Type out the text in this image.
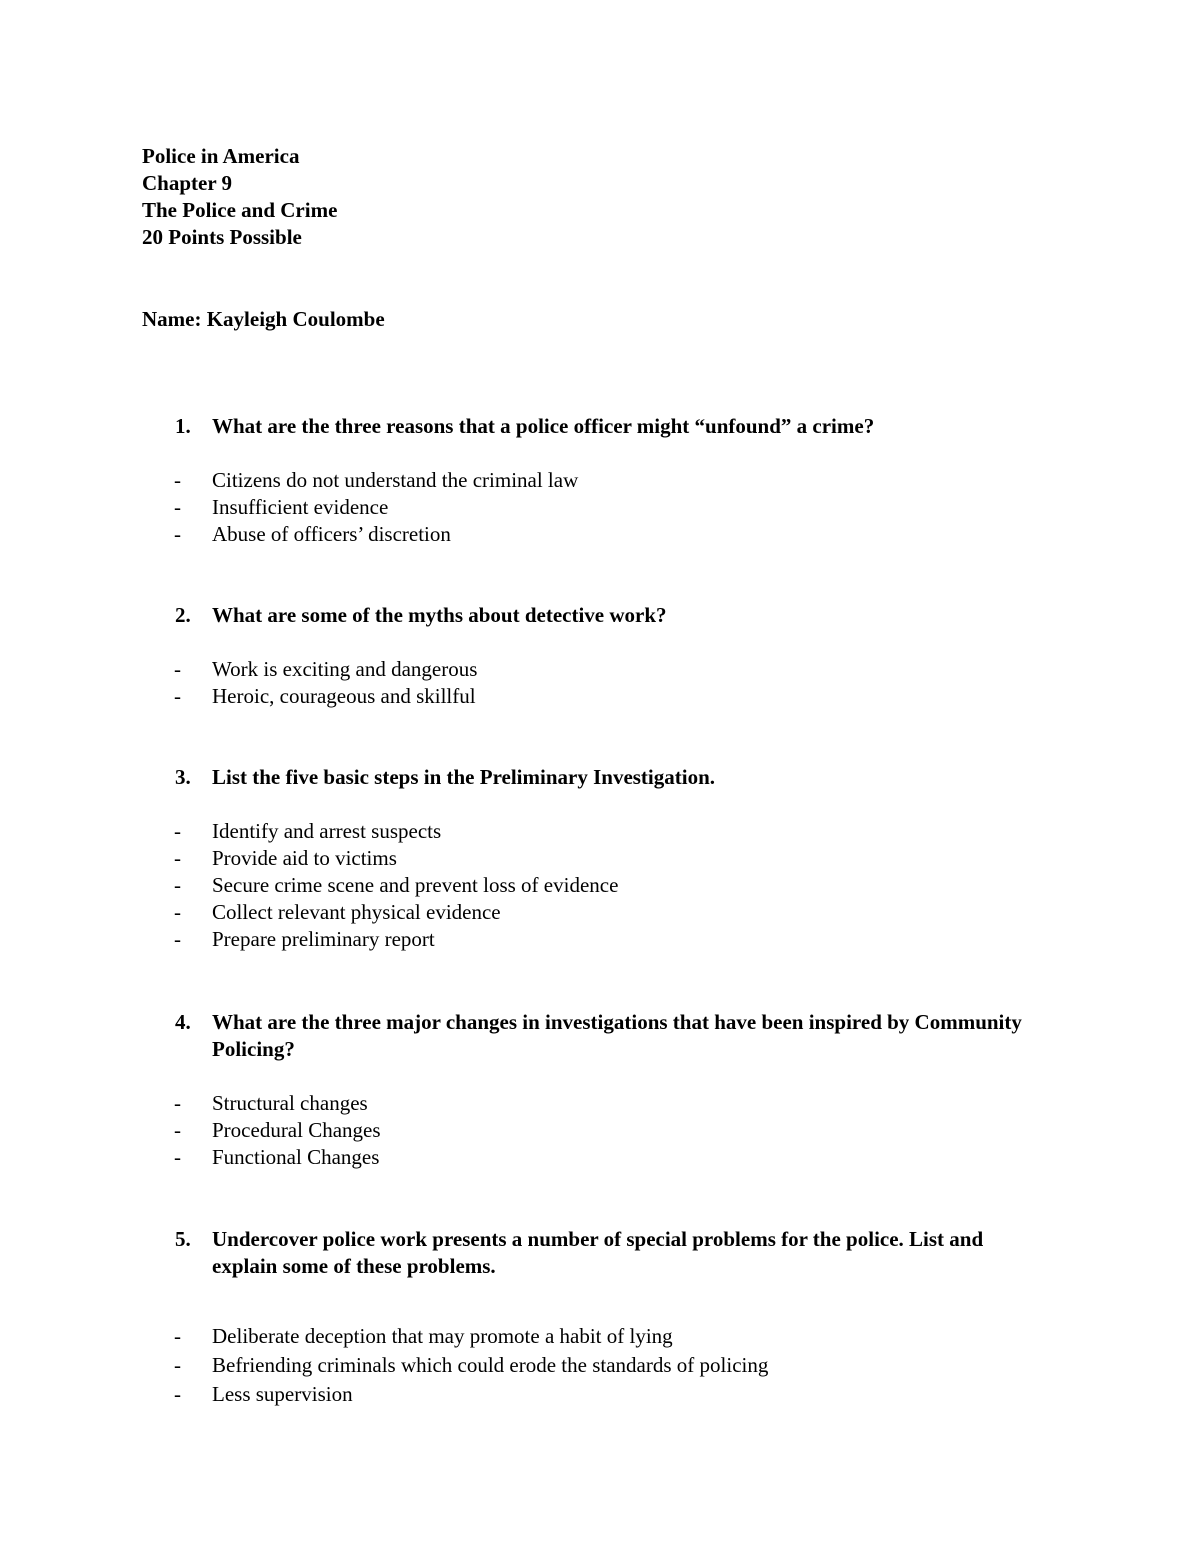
Police in America
Chapter 9
The Police and Crime
20 Points Possible
Name: Kayleigh Coulombe
1.	What are the three reasons that a police officer might “unfound” a crime?
-	Citizens do not understand the criminal law
-	Insufficient evidence
-	Abuse of officers’ discretion
2.	What are some of the myths about detective work?
-	Work is exciting and dangerous
-	Heroic, courageous and skillful
3.	List the five basic steps in the Preliminary Investigation.
-	Identify and arrest suspects
-	Provide aid to victims
-	Secure crime scene and prevent loss of evidence
-	Collect relevant physical evidence
-	Prepare preliminary report
4.	What are the three major changes in investigations that have been inspired by Community Policing?
-	Structural changes
-	Procedural Changes
-	Functional Changes
5.	Undercover police work presents a number of special problems for the police. List and explain some of these problems.
-	Deliberate deception that may promote a habit of lying
-	Befriending criminals which could erode the standards of policing
-	Less supervision
